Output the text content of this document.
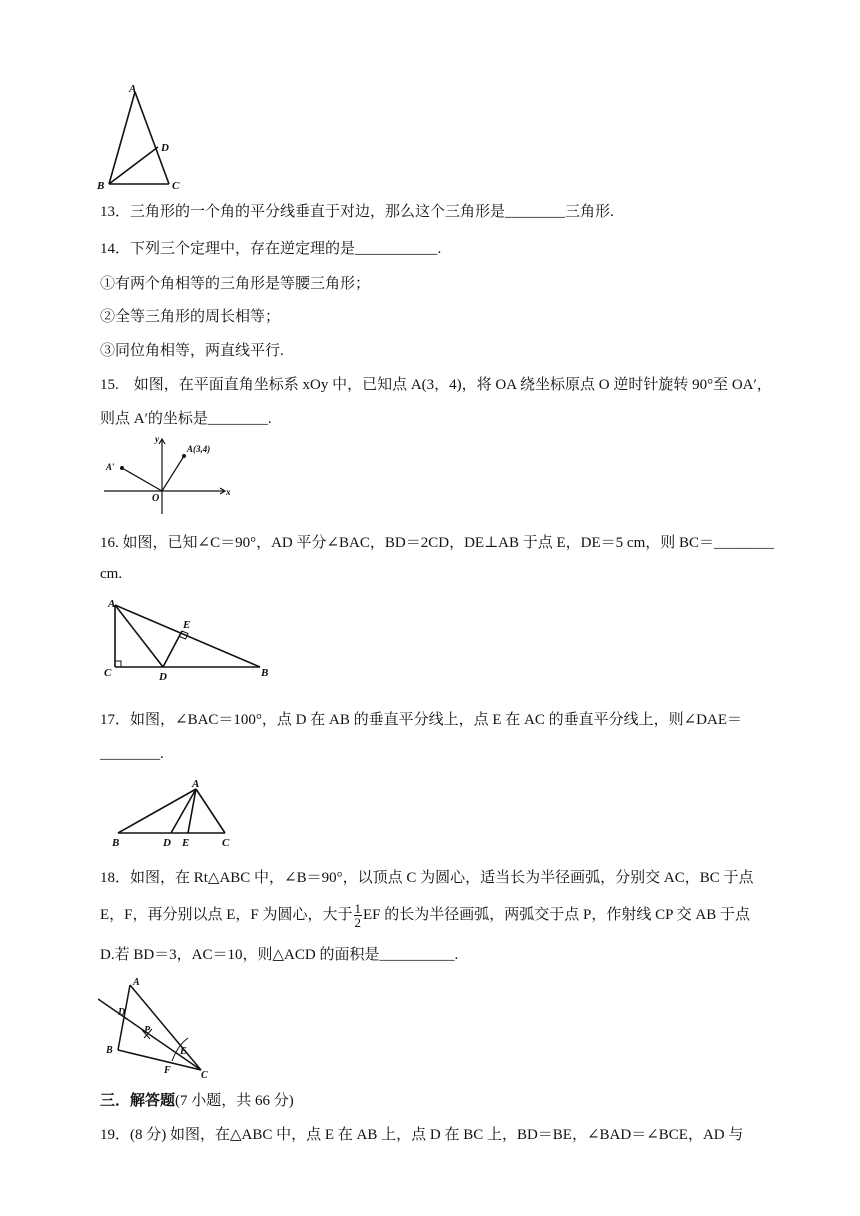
A
B	C
D
13．三角形的一个角的平分线垂直于对边，那么这个三角形是________三角形.
14．下列三个定理中，存在逆定理的是___________.
①有两个角相等的三角形是等腰三角形；
②全等三角形的周长相等；
③同位角相等，两直线平行.
15.　如图，在平面直角坐标系 xOy 中，已知点 A(3，4)，将 OA 绕坐标原点 O 逆时针旋转 90°至 OA′，
则点 A′的坐标是________.
y
x
O
A(3,4)
A′
16. 如图，已知∠C＝90°，AD 平分∠BAC，BD＝2CD，DE⊥AB 于点 E，DE＝5 cm，则 BC＝________
cm.
A
C	D
E
B
17．如图，∠BAC＝100°，点 D 在 AB 的垂直平分线上，点 E 在 AC 的垂直平分线上，则∠DAE＝
________.
A
B	D E	C
18．如图，在 Rt△ABC 中，∠B＝90°，以顶点 C 为圆心，适当长为半径画弧，分别交 AC，BC 于点
E，F，再分别以点 E，F 为圆心，大于 $\frac{1}{2}$ EF 的长为半径画弧，两弧交于点 P，作射线 CP 交 AB 于点
D.若 BD＝3，AC＝10，则△ACD 的面积是__________.
A
D
P
E
B
F	C
三．解答题(7 小题，共 66 分)
19．(8 分) 如图，在△ABC 中，点 E 在 AB 上，点 D 在 BC 上，BD＝BE，∠BAD＝∠BCE，AD 与
